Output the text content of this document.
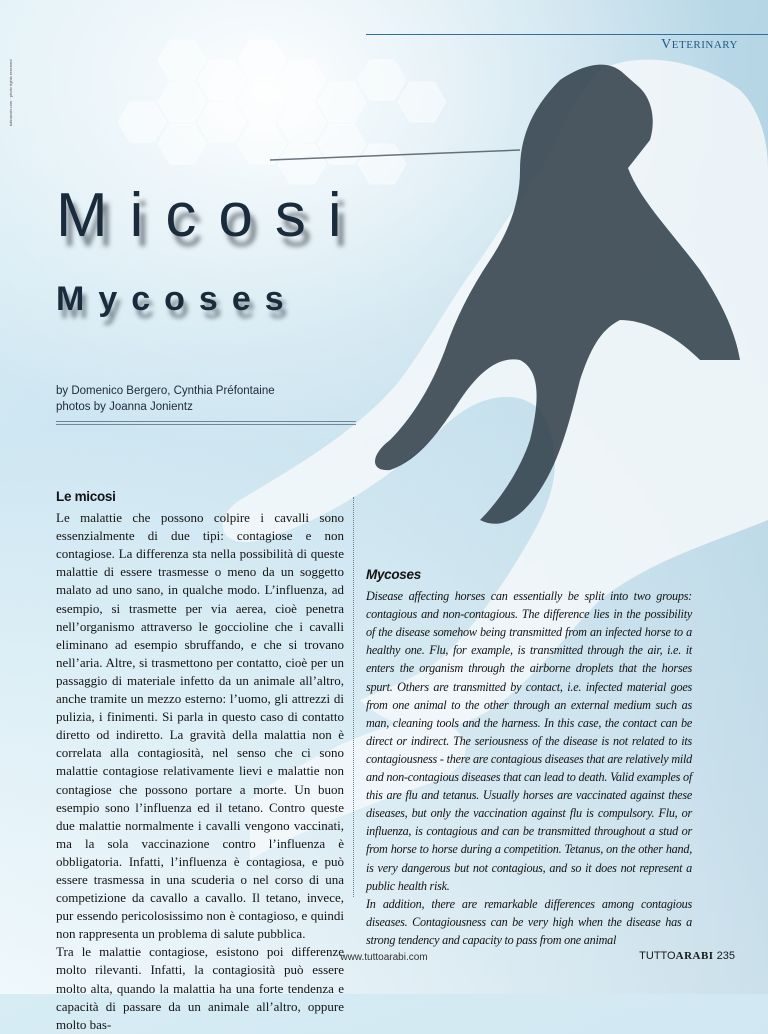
tuttoarabi.com · photo rights reserved
VETERINARY
Micosi
Mycoses
by Domenico Bergero, Cynthia Préfontaine
photos by Joanna Jonientz
Le micosi

Le malattie che possono colpire i cavalli sono essenzialmente di due tipi: contagiose e non contagiose. La differenza sta nella possibilità di queste malattie di essere trasmesse o meno da un soggetto malato ad uno sano, in qualche modo. L’influenza, ad esempio, si trasmette per via aerea, cioè penetra nell’organismo attraverso le goccioline che i cavalli eliminano ad esempio sbruffando, e che si trovano nell’aria. Altre, si trasmettono per contatto, cioè per un passaggio di materiale infetto da un animale all’altro, anche tramite un mezzo esterno: l’uomo, gli attrezzi di pulizia, i finimenti. Si parla in questo caso di contatto diretto od indiretto. La gravità della malattia non è correlata alla contagiosità, nel senso che ci sono malattie contagiose relativamente lievi e malattie non contagiose che possono portare a morte. Un buon esempio sono l’influenza ed il tetano. Contro queste due malattie normalmente i cavalli vengono vaccinati, ma la sola vaccinazione contro l’influenza è obbligatoria. Infatti, l’influenza è contagiosa, e può essere trasmessa in una scuderia o nel corso di una competizione da cavallo a cavallo. Il tetano, invece, pur essendo pericolosissimo non è contagioso, e quindi non rappresenta un problema di salute pubblica.

Tra le malattie contagiose, esistono poi differenze molto rilevanti. Infatti, la contagiosità può essere molto alta, quando la malattia ha una forte tendenza e capacità di passare da un animale all’altro, oppure molto bas-

Mycoses

Disease affecting horses can essentially be split into two groups: contagious and non-contagious. The difference lies in the possibility of the disease somehow being transmitted from an infected horse to a healthy one. Flu, for example, is transmitted through the air, i.e. it enters the organism through the airborne droplets that the horses spurt. Others are transmitted by contact, i.e. infected material goes from one animal to the other through an external medium such as man, cleaning tools and the harness. In this case, the contact can be direct or indirect. The seriousness of the disease is not related to its contagiousness - there are contagious diseases that are relatively mild and non-contagious diseases that can lead to death. Valid examples of this are flu and tetanus. Usually horses are vaccinated against these diseases, but only the vaccination against flu is compulsory. Flu, or influenza, is contagious and can be transmitted throughout a stud or from horse to horse during a competition. Tetanus, on the other hand, is very dangerous but not contagious, and so it does not represent a public health risk.

In addition, there are remarkable differences among contagious diseases. Contagiousness can be very high when the disease has a strong tendency and capacity to pass from one animal

www.tuttoarabi.com	TUTTOARABI 235
